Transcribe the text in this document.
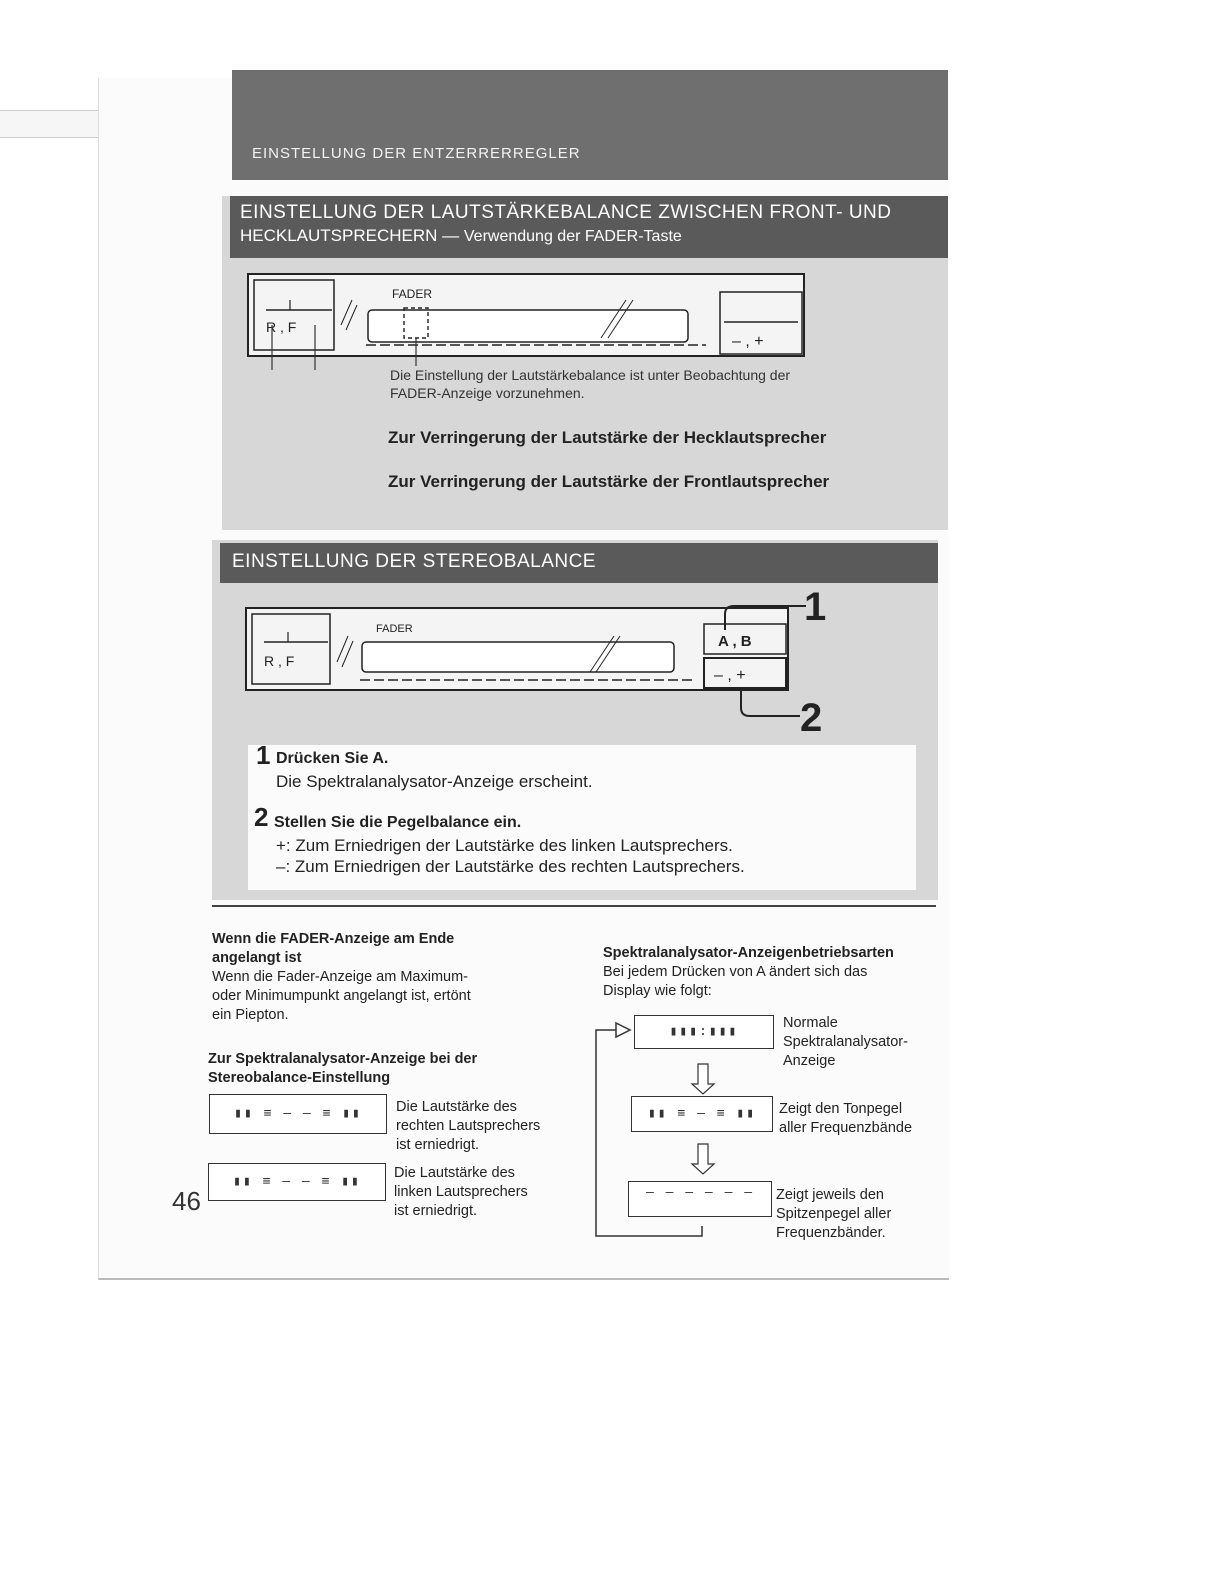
EINSTELLUNG DER ENTZERRERREGLER
EINSTELLUNG DER LAUTSTÄRKEBALANCE ZWISCHEN FRONT- UND
HECKLAUTSPRECHERN — Verwendung der FADER-Taste
R , F
FADER
– , +
Die Einstellung der Lautstärkebalance ist unter Beobachtung der
FADER-Anzeige vorzunehmen.
Zur Verringerung der Lautstärke der Hecklautsprecher
Zur Verringerung der Lautstärke der Frontlautsprecher
EINSTELLUNG DER STEREOBALANCE
R , F
FADER
A , B
– , +
1
2
1 Drücken Sie A.
Die Spektralanalysator-Anzeige erscheint.
2 Stellen Sie die Pegelbalance ein.
+: Zum Erniedrigen der Lautstärke des linken Lautsprechers.
–: Zum Erniedrigen der Lautstärke des rechten Lautsprechers.
Wenn die FADER-Anzeige am Ende
angelangt ist
Wenn die Fader-Anzeige am Maximum-
oder Minimumpunkt angelangt ist, ertönt
ein Piepton.
Zur Spektralanalysator-Anzeige bei der
Stereobalance-Einstellung
▮▮ ≡ ‒ ‒ ≡ ▮▮	Die Lautstärke des
rechten Lautsprechers
ist erniedrigt.
▮▮ ≡ ‒ ‒ ≡ ▮▮
Die Lautstärke des
linken Lautsprechers
ist erniedrigt.
46
Spektralanalysator-Anzeigenbetriebsarten
Bei jedem Drücken von A ändert sich das
Display wie folgt:
▮▮▮:▮▮▮
Normale
Spektralanalysator-
Anzeige
▮▮ ≡ ‒ ≡ ▮▮	Zeigt den Tonpegel
aller Frequenzbände
‒ ‒ ‒ ‒ ‒ ‒	Zeigt jeweils den
Spitzenpegel aller
Frequenzbänder.
